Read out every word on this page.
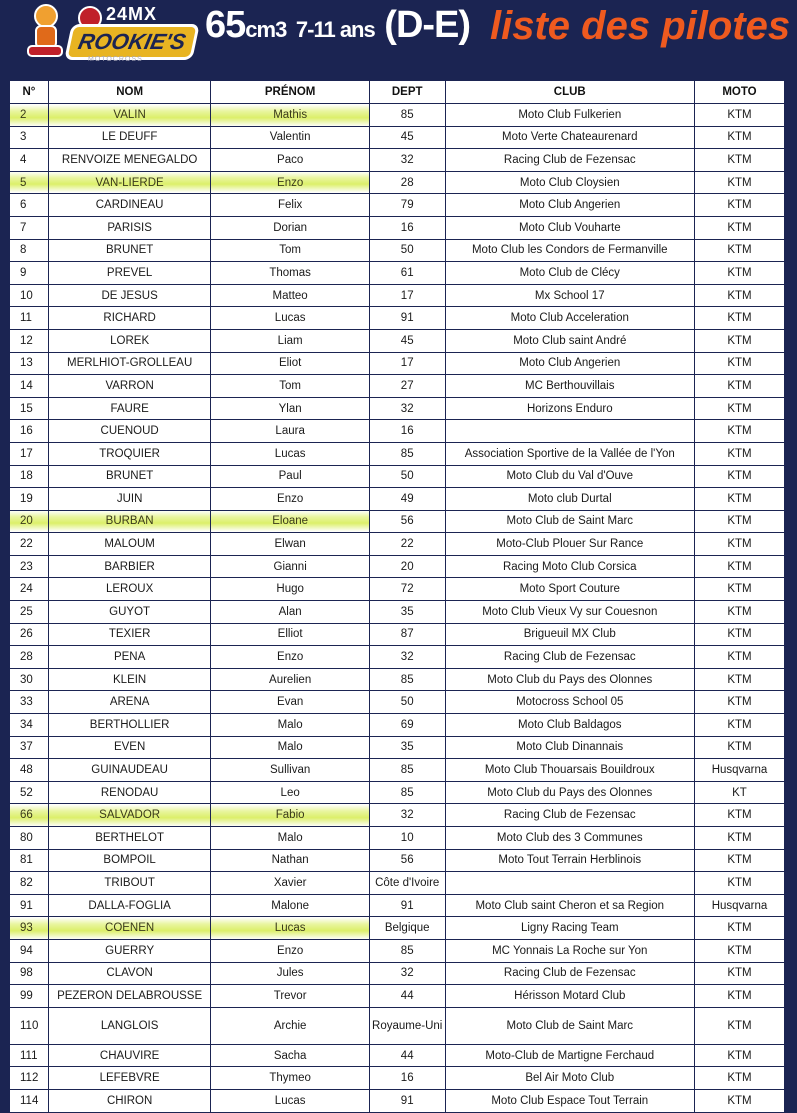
24MX
ROOKIE'S
MOTOCROSS
65cm3 7-11 ans (D-E) liste des pilotes
N°	NOM	PRÉNOM	DEPT	CLUB	MOTO
2	VALIN	Mathis	85	Moto Club Fulkerien	KTM
3	LE DEUFF	Valentin	45	Moto Verte Chateaurenard	KTM
4	RENVOIZE MENEGALDO	Paco	32	Racing Club de Fezensac	KTM
5	VAN-LIERDE	Enzo	28	Moto Club Cloysien	KTM
6	CARDINEAU	Felix	79	Moto Club Angerien	KTM
7	PARISIS	Dorian	16	Moto Club Vouharte	KTM
8	BRUNET	Tom	50	Moto Club les Condors de Fermanville	KTM
9	PREVEL	Thomas	61	Moto Club de Clécy	KTM
10	DE JESUS	Matteo	17	Mx School 17	KTM
11	RICHARD	Lucas	91	Moto Club Acceleration	KTM
12	LOREK	Liam	45	Moto Club saint André	KTM
13	MERLHIOT-GROLLEAU	Eliot	17	Moto Club Angerien	KTM
14	VARRON	Tom	27	MC Berthouvillais	KTM
15	FAURE	Ylan	32	Horizons Enduro	KTM
16	CUENOUD	Laura	16		KTM
17	TROQUIER	Lucas	85	Association Sportive de la Vallée de l'Yon	KTM
18	BRUNET	Paul	50	Moto Club du Val d'Ouve	KTM
19	JUIN	Enzo	49	Moto club Durtal	KTM
20	BURBAN	Eloane	56	Moto Club de Saint Marc	KTM
22	MALOUM	Elwan	22	Moto-Club Plouer Sur Rance	KTM
23	BARBIER	Gianni	20	Racing Moto Club Corsica	KTM
24	LEROUX	Hugo	72	Moto Sport Couture	KTM
25	GUYOT	Alan	35	Moto Club Vieux Vy sur Couesnon	KTM
26	TEXIER	Elliot	87	Brigueuil MX Club	KTM
28	PENA	Enzo	32	Racing Club de Fezensac	KTM
30	KLEIN	Aurelien	85	Moto Club du Pays des Olonnes	KTM
33	ARENA	Evan	50	Motocross School 05	KTM
34	BERTHOLLIER	Malo	69	Moto Club Baldagos	KTM
37	EVEN	Malo	35	Moto Club Dinannais	KTM
48	GUINAUDEAU	Sullivan	85	Moto Club Thouarsais Bouildroux	Husqvarna
52	RENODAU	Leo	85	Moto Club du Pays des Olonnes	KT
66	SALVADOR	Fabio	32	Racing Club de Fezensac	KTM
80	BERTHELOT	Malo	10	Moto Club des 3 Communes	KTM
81	BOMPOIL	Nathan	56	Moto Tout Terrain Herblinois	KTM
82	TRIBOUT	Xavier	Côte d'Ivoire		KTM
91	DALLA-FOGLIA	Malone	91	Moto Club saint Cheron et sa Region	Husqvarna
93	COENEN	Lucas	Belgique	Ligny Racing Team	KTM
94	GUERRY	Enzo	85	MC Yonnais La Roche sur Yon	KTM
98	CLAVON	Jules	32	Racing Club de Fezensac	KTM
99	PEZERON DELABROUSSE	Trevor	44	Hérisson Motard Club	KTM
110	LANGLOIS	Archie	Royaume-Uni	Moto Club de Saint Marc	KTM
111	CHAUVIRE	Sacha	44	Moto-Club de Martigne Ferchaud	KTM
112	LEFEBVRE	Thymeo	16	Bel Air Moto Club	KTM
114	CHIRON	Lucas	91	Moto Club Espace Tout Terrain	KTM
